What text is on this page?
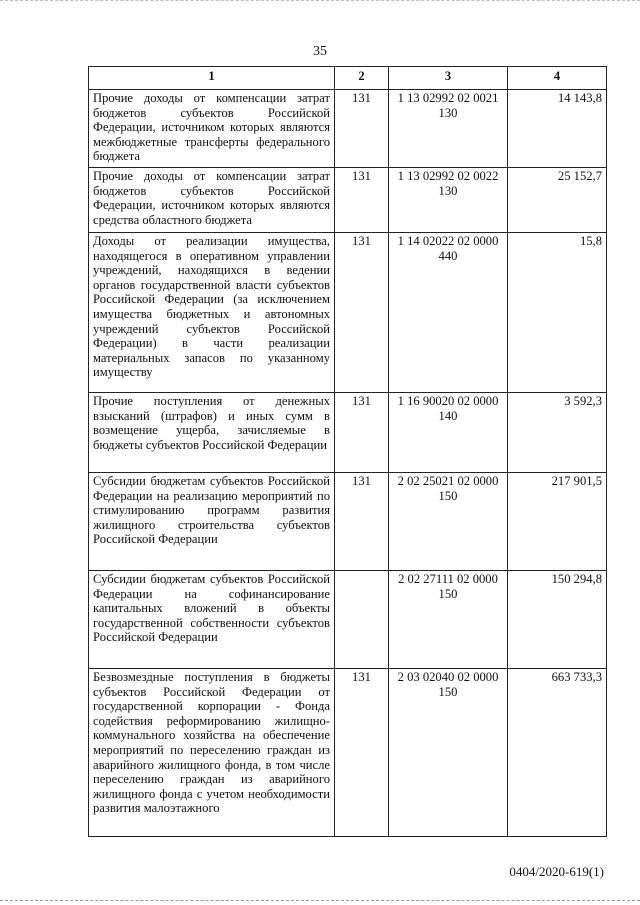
35
1	2	3	4
Прочие доходы от компенсации затрат бюджетов субъектов Российской Федерации, источником которых являются межбюджетные трансферты федерального бюджета	131	1 13 02992 02 0021 130	14 143,8
Прочие доходы от компенсации затрат бюджетов субъектов Российской Федерации, источником которых являются средства областного бюджета	131	1 13 02992 02 0022 130	25 152,7
Доходы от реализации имущества, находящегося в оперативном управлении учреждений, находящихся в ведении органов государственной власти субъектов Российской Федерации (за исключением имущества бюджетных и автономных учреждений субъектов Российской Федерации) в части реализации материальных запасов по указанному имуществу	131	1 14 02022 02 0000 440	15,8
Прочие поступления от денежных взысканий (штрафов) и иных сумм в возмещение ущерба, зачисляемые в бюджеты субъектов Российской Федерации	131	1 16 90020 02 0000 140	3 592,3
Субсидии бюджетам субъектов Российской Федерации на реализацию мероприятий по стимулированию программ развития жилищного строительства субъектов Российской Федерации	131	2 02 25021 02 0000 150	217 901,5
Субсидии бюджетам субъектов Российской Федерации на софинансирование капитальных вложений в объекты государственной собственности субъектов Российской Федерации		2 02 27111 02 0000 150	150 294,8
Безвозмездные поступления в бюджеты субъектов Российской Федерации от государственной корпорации - Фонда содействия реформированию жилищно-коммунального хозяйства на обеспечение мероприятий по переселению граждан из аварийного жилищного фонда, в том числе переселению граждан из аварийного жилищного фонда с учетом необходимости развития малоэтажного	131	2 03 02040 02 0000 150	663 733,3
0404/2020-619(1)
